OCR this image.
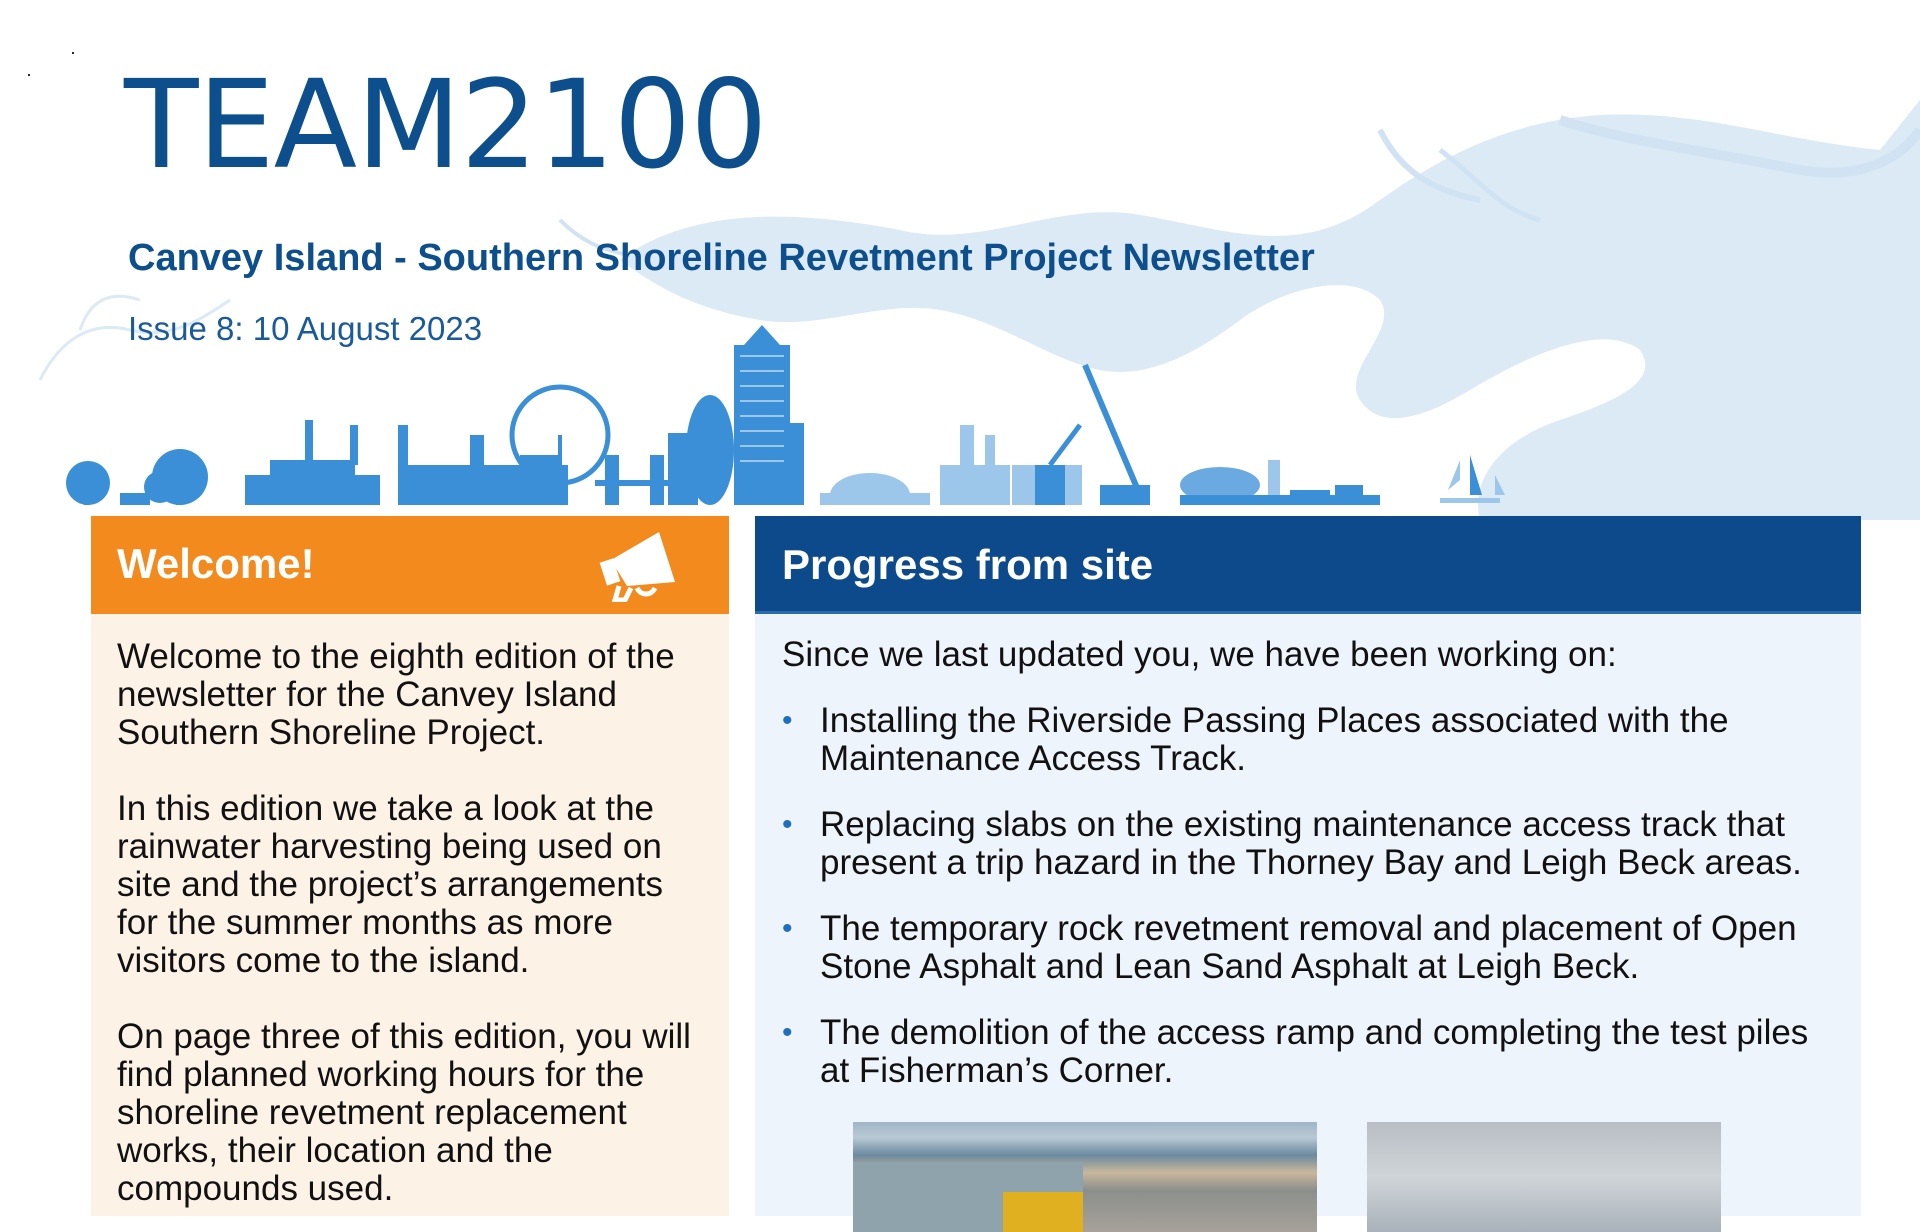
·
· TEAM2100
Canvey Island - Southern Shoreline Revetment Project Newsletter
Issue 8: 10 August 2023
Welcome!

Welcome to the eighth edition of the newsletter for the Canvey Island Southern Shoreline Project.

In this edition we take a look at the rainwater harvesting being used on site and the project’s arrangements for the summer months as more visitors come to the island.

On page three of this edition, you will find planned working hours for the shoreline revetment replacement works, their location and the compounds used.

Progress from site

Since we last updated you, we have been working on:

• Installing the Riverside Passing Places associated with the Maintenance Access Track.
• Replacing slabs on the existing maintenance access track that present a trip hazard in the Thorney Bay and Leigh Beck areas.
• The temporary rock revetment removal and placement of Open Stone Asphalt and Lean Sand Asphalt at Leigh Beck.
• The demolition of the access ramp and completing the test piles at Fisherman’s Corner.
